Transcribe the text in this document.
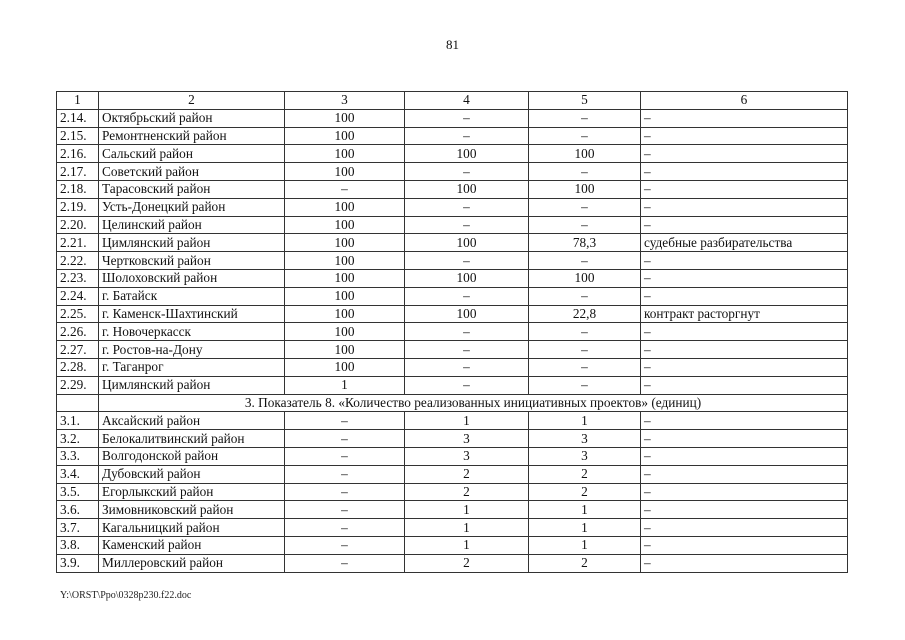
81
1	2	3	4	5	6
2.14.	Октябрьский район	100	–	–	–
2.15.	Ремонтненский район	100	–	–	–
2.16.	Сальский район	100	100	100	–
2.17.	Советский район	100	–	–	–
2.18.	Тарасовский район	–	100	100	–
2.19.	Усть-Донецкий район	100	–	–	–
2.20.	Целинский район	100	–	–	–
2.21.	Цимлянский район	100	100	78,3	судебные разбирательства
2.22.	Чертковский район	100	–	–	–
2.23.	Шолоховский район	100	100	100	–
2.24.	г. Батайск	100	–	–	–
2.25.	г. Каменск-Шахтинский	100	100	22,8	контракт расторгнут
2.26.	г. Новочеркасск	100	–	–	–
2.27.	г. Ростов-на-Дону	100	–	–	–
2.28.	г. Таганрог	100	–	–	–
2.29.	Цимлянский район	1	–	–	–
	3. Показатель 8. «Количество реализованных инициативных проектов» (единиц)				
3.1.	Аксайский район	–	1	1	–
3.2.	Белокалитвинский район	–	3	3	–
3.3.	Волгодонской район	–	3	3	–
3.4.	Дубовский район	–	2	2	–
3.5.	Егорлыкский район	–	2	2	–
3.6.	Зимовниковский район	–	1	1	–
3.7.	Кагальницкий район	–	1	1	–
3.8.	Каменский район	–	1	1	–
3.9.	Миллеровский район	–	2	2	–
Y:\ORST\Ppo\0328p230.f22.doc
